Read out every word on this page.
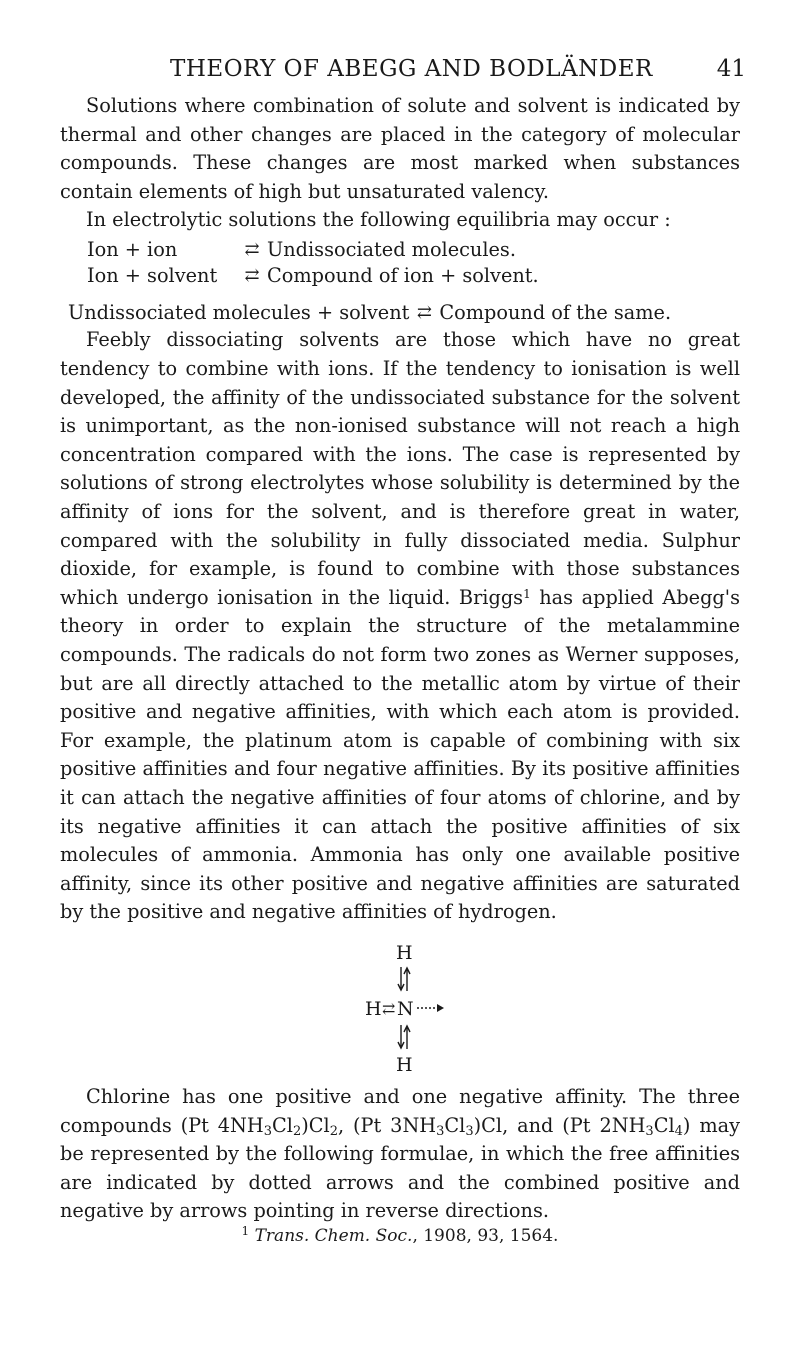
THEORY OF ABEGG AND BODLÄNDER	41

Solutions where combination of solute and solvent is indicated by thermal and other changes are placed in the category of molecular compounds. These changes are most marked when substances contain elements of high but unsaturated valency.

In electrolytic solutions the following equilibria may occur :

Ion + ion	⇄ Undissociated molecules.
Ion + solvent	⇄ Compound of ion + solvent.
Undissociated molecules + solvent ⇄ Compound of the same.

Feebly dissociating solvents are those which have no great tendency to combine with ions. If the tendency to ionisation is well developed, the affinity of the undissociated substance for the solvent is unimportant, as the non-ionised substance will not reach a high concentration compared with the ions. The case is represented by solutions of strong electrolytes whose solubility is determined by the affinity of ions for the solvent, and is therefore great in water, compared with the solubility in fully dissociated media. Sulphur dioxide, for example, is found to combine with those substances which undergo ionisation in the liquid. Briggs$^1$ has applied Abegg's theory in order to explain the structure of the metalammine compounds. The radicals do not form two zones as Werner supposes, but are all directly attached to the metallic atom by virtue of their positive and negative affinities, with which each atom is provided. For example, the platinum atom is capable of combining with six positive affinities and four negative affinities. By its positive affinities it can attach the negative affinities of four atoms of chlorine, and by its negative affinities it can attach the positive affinities of six molecules of ammonia. Ammonia has only one available positive affinity, since its other positive and negative affinities are saturated by the positive and negative affinities of hydrogen.

H
H ⇄ N
H

Chlorine has one positive and one negative affinity. The three compounds (Pt $4NH_3Cl_2)Cl_2$, (Pt $3NH_3Cl_3)Cl$, and (Pt $2NH_3Cl_4$) may be represented by the following formulae, in which the free affinities are indicated by dotted arrows and the combined positive and negative by arrows pointing in reverse directions.

$^1$ Trans. Chem. Soc., 1908, 93, 1564.
